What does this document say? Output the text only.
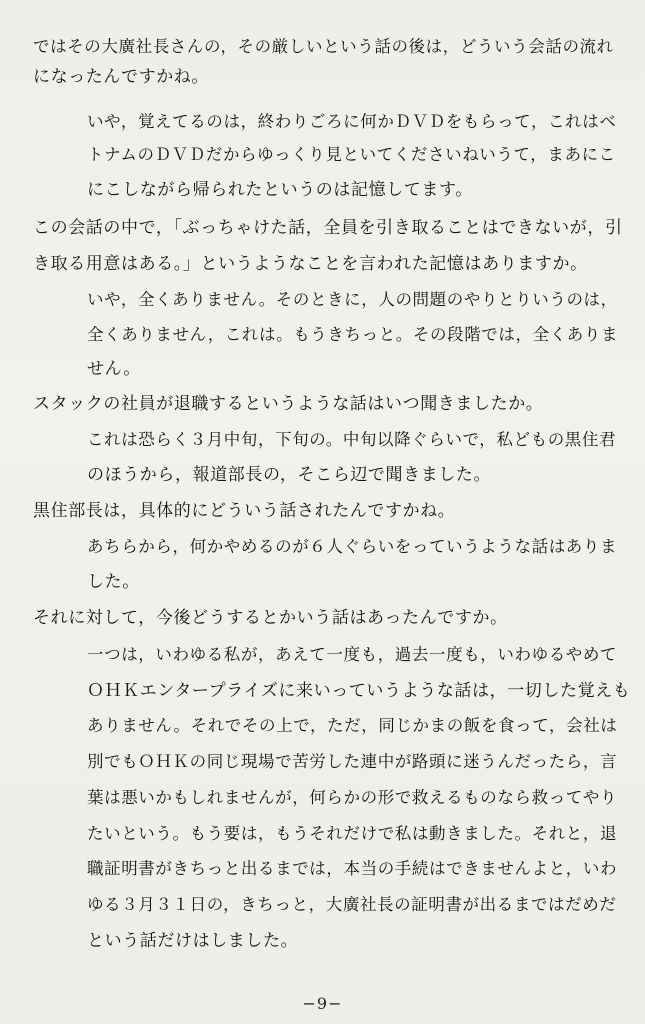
ではその大廣社長さんの，その厳しいという話の後は，どういう会話の流れ
になったんですかね。
いや，覚えてるのは，終わりごろに何かＤＶＤをもらって，これはベ
トナムのＤＶＤだからゆっくり見といてくださいねいうて，まあにこ
にこしながら帰られたというのは記憶してます。
この会話の中で，「ぶっちゃけた話，全員を引き取ることはできないが，引
き取る用意はある。」というようなことを言われた記憶はありますか。
いや，全くありません。そのときに，人の問題のやりとりいうのは，
全くありません，これは。もうきちっと。その段階では，全くありま
せん。
スタックの社員が退職するというような話はいつ聞きましたか。
これは恐らく３月中旬，下旬の。中旬以降ぐらいで，私どもの黒住君
のほうから，報道部長の，そこら辺で聞きました。
黒住部長は，具体的にどういう話されたんですかね。
あちらから，何かやめるのが６人ぐらいをっていうような話はありま
した。
それに対して，今後どうするとかいう話はあったんですか。
一つは，いわゆる私が，あえて一度も，過去一度も，いわゆるやめて
ＯＨＫエンタープライズに来いっていうような話は，一切した覚えも
ありません。それでその上で，ただ，同じかまの飯を食って，会社は
別でもＯＨＫの同じ現場で苦労した連中が路頭に迷うんだったら，言
葉は悪いかもしれませんが，何らかの形で救えるものなら救ってやり
たいという。もう要は，もうそれだけで私は動きました。それと，退
職証明書がきちっと出るまでは，本当の手続はできませんよと，いわ
ゆる３月３１日の，きちっと，大廣社長の証明書が出るまではだめだ
という話だけはしました。
−9−
